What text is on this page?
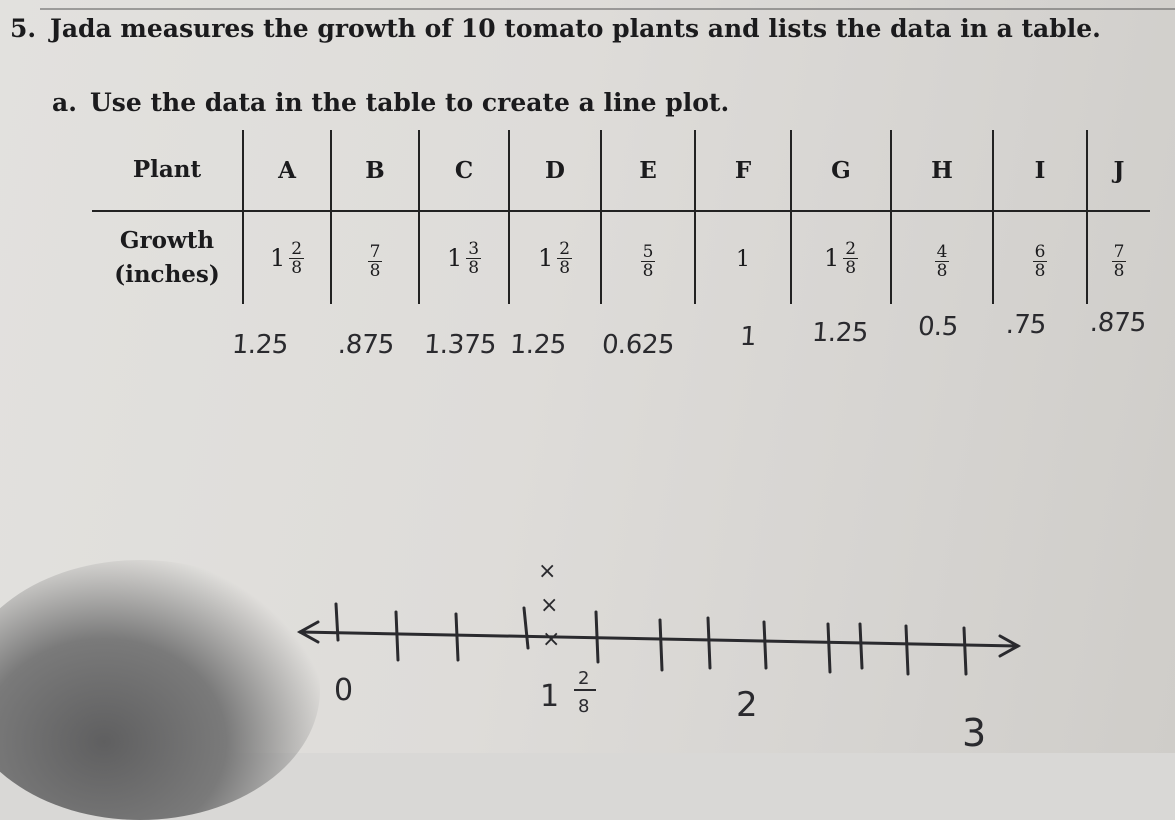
5. Jada measures the growth of 10 tomato plants and lists the data in a table.
a. Use the data in the table to create a line plot.
Plant	A	B	C	D	E	F	G	H	I	J
Growth
(inches)	$1 \frac{2}{8}$	$\frac{7}{8}$	$1 \frac{3}{8}$	$1 \frac{2}{8}$	$\frac{5}{8}$	1	$1 \frac{2}{8}$	$\frac{4}{8}$	$\frac{6}{8}$	$\frac{7}{8}$
1.25 .875 1.375 1.25 0.625 1 1.25 0.5 .75 .875
×
×
×
0	1
2
8	2
3
